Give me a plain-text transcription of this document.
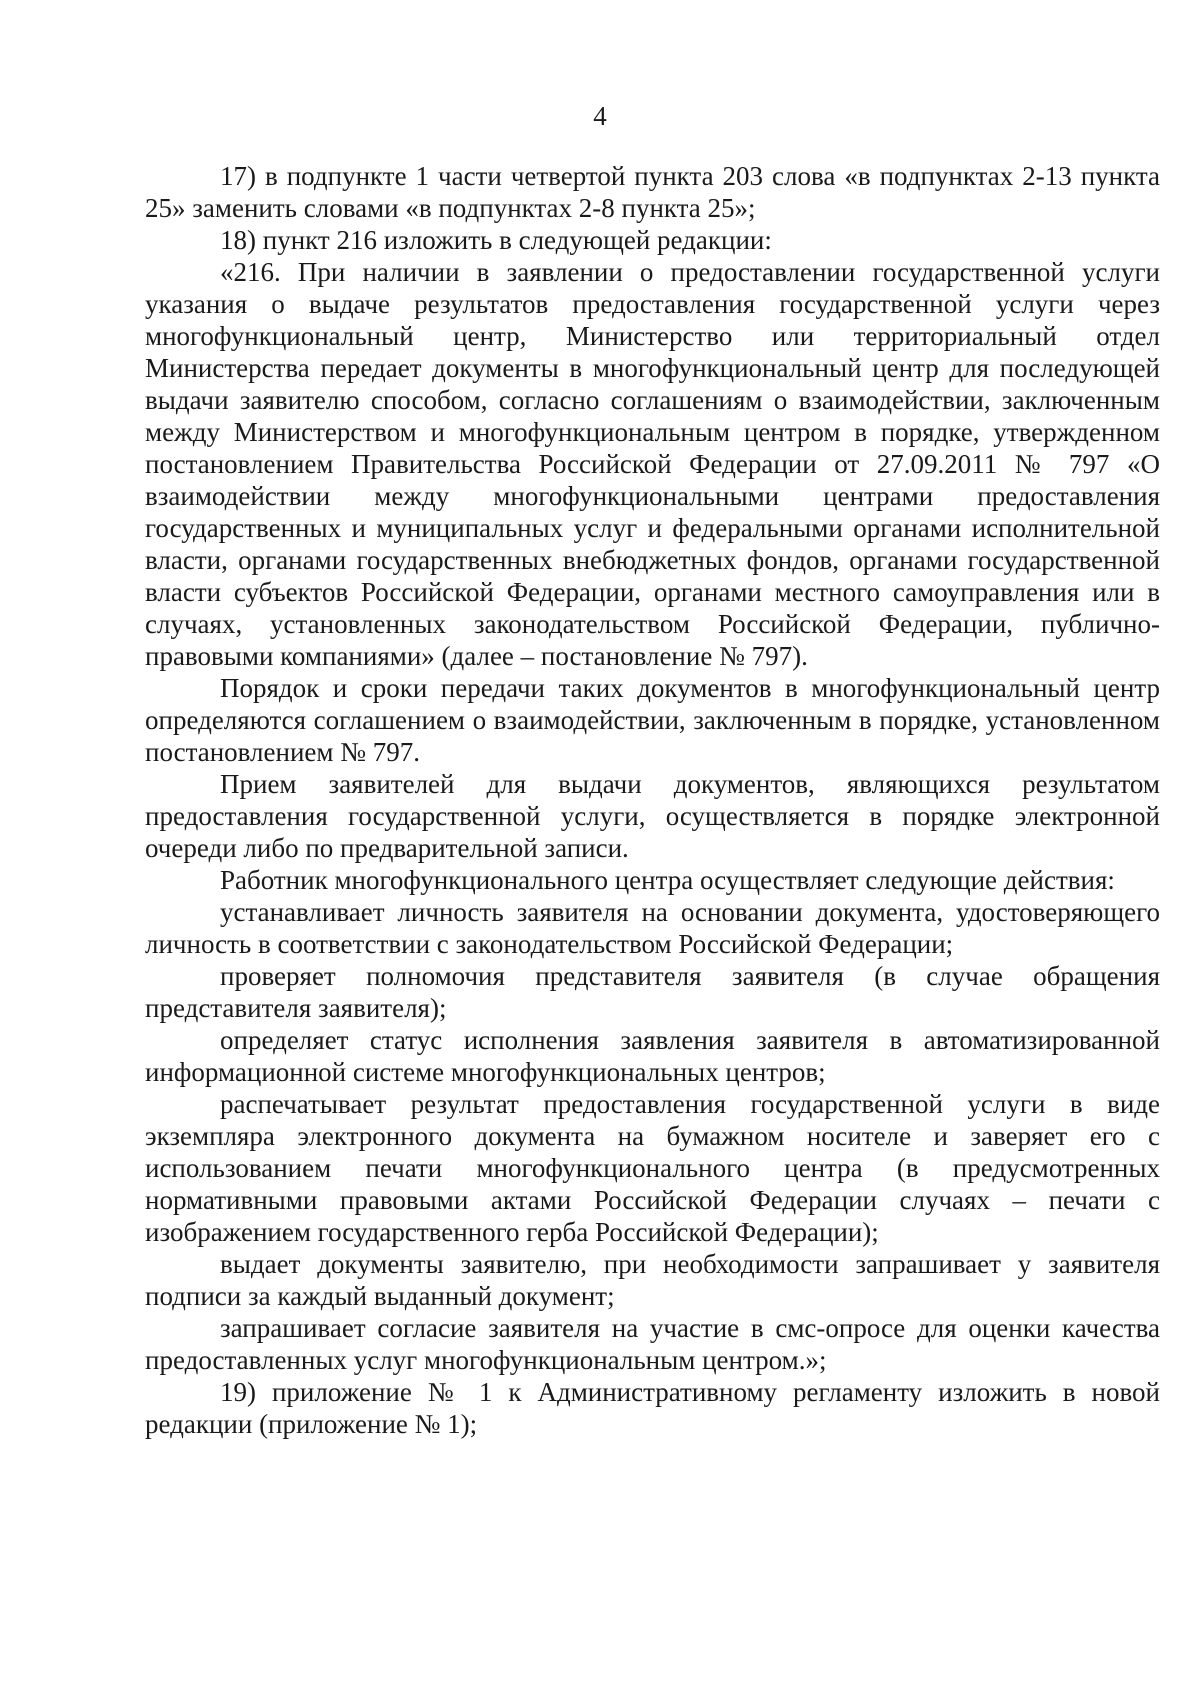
4

17) в подпункте 1 части четвертой пункта 203 слова «в подпунктах 2-13 пункта 25» заменить словами «в подпунктах 2-8 пункта 25»;

18) пункт 216 изложить в следующей редакции:

«216. При наличии в заявлении о предоставлении государственной услуги указания о выдаче результатов предоставления государственной услуги через многофункциональный центр, Министерство или территориальный отдел Министерства передает документы в многофункциональный центр для последующей выдачи заявителю способом, согласно соглашениям о взаимодействии, заключенным между Министерством и многофункциональным центром в порядке, утвержденном постановлением Правительства Российской Федерации от 27.09.2011 № 797 «О взаимодействии между многофункциональными центрами предоставления государственных и муниципальных услуг и федеральными органами исполнительной власти, органами государственных внебюджетных фондов, органами государственной власти субъектов Российской Федерации, органами местного самоуправления или в случаях, установленных законодательством Российской Федерации, публично-правовыми компаниями» (далее – постановление № 797).

Порядок и сроки передачи таких документов в многофункциональный центр определяются соглашением о взаимодействии, заключенным в порядке, установленном постановлением № 797.

Прием заявителей для выдачи документов, являющихся результатом предоставления государственной услуги, осуществляется в порядке электронной очереди либо по предварительной записи.

Работник многофункционального центра осуществляет следующие действия:

устанавливает личность заявителя на основании документа, удостоверяющего личность в соответствии с законодательством Российской Федерации;

проверяет полномочия представителя заявителя (в случае обращения представителя заявителя);

определяет статус исполнения заявления заявителя в автоматизированной информационной системе многофункциональных центров;

распечатывает результат предоставления государственной услуги в виде экземпляра электронного документа на бумажном носителе и заверяет его с использованием печати многофункционального центра (в предусмотренных нормативными правовыми актами Российской Федерации случаях – печати с изображением государственного герба Российской Федерации);

выдает документы заявителю, при необходимости запрашивает у заявителя подписи за каждый выданный документ;

запрашивает согласие заявителя на участие в смс-опросе для оценки качества предоставленных услуг многофункциональным центром.»;

19) приложение № 1 к Административному регламенту изложить в новой редакции (приложение № 1);
